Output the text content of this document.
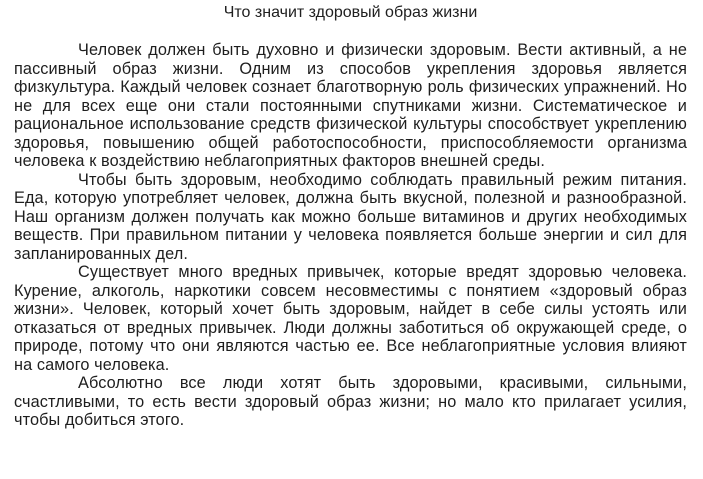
Что значит здоровый образ жизни

Человек должен быть духовно и физически здоровым. Вести активный, а не пассивный образ жизни. Одним из способов укрепления здоровья является физкультура. Каждый человек сознает благотворную роль физических упражнений. Но не для всех еще они стали постоянными спутниками жизни. Систематическое и рациональное использование средств физической культуры способствует укреплению здоровья, повышению общей работоспособности, приспособляемости организма человека к воздействию неблагоприятных факторов внешней среды.

Чтобы быть здоровым, необходимо соблюдать правильный режим питания. Еда, которую употребляет человек, должна быть вкусной, полезной и разнообразной. Наш организм должен получать как можно больше витаминов и других необходимых веществ. При правильном питании у человека появляется больше энергии и сил для запланированных дел.

Существует много вредных привычек, которые вредят здоровью человека. Курение, алкоголь, наркотики совсем несовместимы с понятием «здоровый образ жизни». Человек, который хочет быть здоровым, найдет в себе силы устоять или отказаться от вредных привычек. Люди должны заботиться об окружающей среде, о природе, потому что они являются частью ее. Все неблагоприятные условия влияют на самого человека.

Абсолютно все люди хотят быть здоровыми, красивыми, сильными, счастливыми, то есть вести здоровый образ жизни; но мало кто прилагает усилия, чтобы добиться этого.
